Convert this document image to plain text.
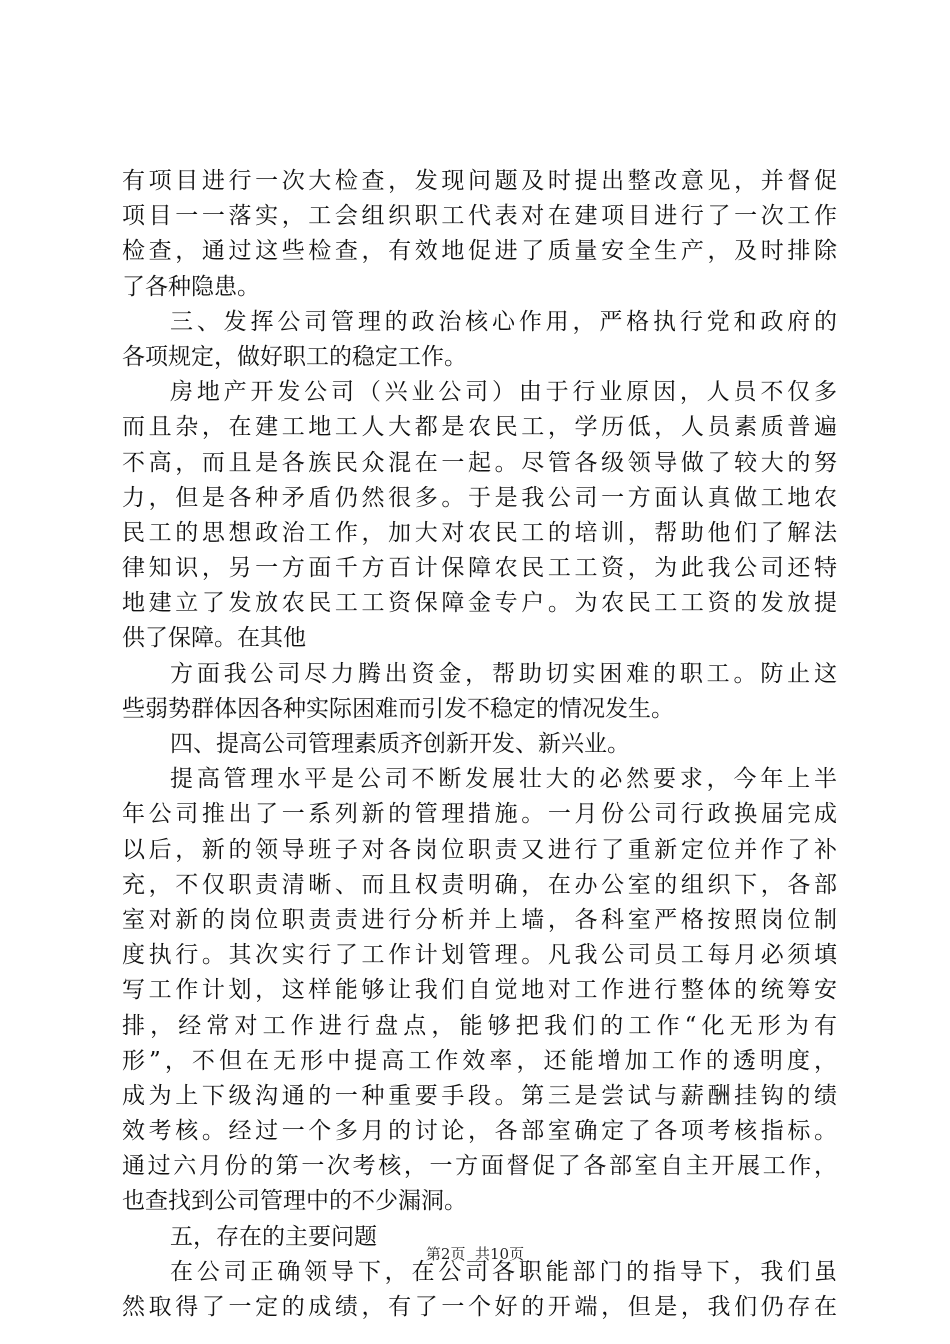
有项目进行一次大检查，发现问题及时提出整改意见，并督促
项目一一落实，工会组织职工代表对在建项目进行了一次工作
检查，通过这些检查，有效地促进了质量安全生产，及时排除
了各种隐患。
三、发挥公司管理的政治核心作用，严格执行党和政府的
各项规定，做好职工的稳定工作。
房地产开发公司（兴业公司）由于行业原因，人员不仅多
而且杂，在建工地工人大都是农民工，学历低，人员素质普遍
不高，而且是各族民众混在一起。尽管各级领导做了较大的努
力，但是各种矛盾仍然很多。于是我公司一方面认真做工地农
民工的思想政治工作，加大对农民工的培训，帮助他们了解法
律知识，另一方面千方百计保障农民工工资，为此我公司还特
地建立了发放农民工工资保障金专户。为农民工工资的发放提
供了保障。在其他
方面我公司尽力腾出资金，帮助切实困难的职工。防止这
些弱势群体因各种实际困难而引发不稳定的情况发生。
四、提高公司管理素质齐创新开发、新兴业。
提高管理水平是公司不断发展壮大的必然要求，今年上半
年公司推出了一系列新的管理措施。一月份公司行政换届完成
以后，新的领导班子对各岗位职责又进行了重新定位并作了补
充，不仅职责清晰、而且权责明确，在办公室的组织下，各部
室对新的岗位职责责进行分析并上墙，各科室严格按照岗位制
度执行。其次实行了工作计划管理。凡我公司员工每月必须填
写工作计划，这样能够让我们自觉地对工作进行整体的统筹安
排，经常对工作进行盘点，能够把我们的工作“化无形为有
形”，不但在无形中提高工作效率，还能增加工作的透明度，
成为上下级沟通的一种重要手段。第三是尝试与薪酬挂钩的绩
效考核。经过一个多月的讨论，各部室确定了各项考核指标。
通过六月份的第一次考核，一方面督促了各部室自主开展工作，
也查找到公司管理中的不少漏洞。
五，存在的主要问题
在公司正确领导下，在公司各职能部门的指导下，我们虽
然取得了一定的成绩，有了一个好的开端，但是，我们仍存在
第2页  共10页
